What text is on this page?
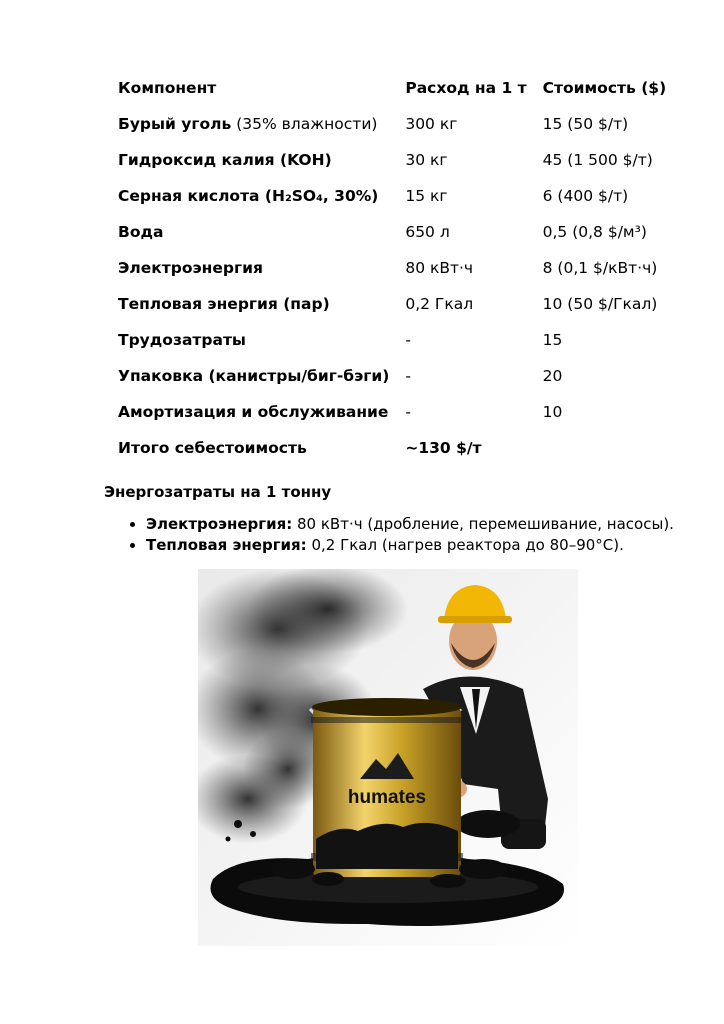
Компонент	Расход на 1 т	Стоимость ($)
Бурый уголь (35% влажности)	300 кг	15 (50 $/т)
Гидроксид калия (KOH)	30 кг	45 (1 500 $/т)
Серная кислота (H₂SO₄, 30%)	15 кг	6 (400 $/т)
Вода	650 л	0,5 (0,8 $/м³)
Электроэнергия	80 кВт·ч	8 (0,1 $/кВт·ч)
Тепловая энергия (пар)	0,2 Гкал	10 (50 $/Гкал)
Трудозатраты	-	15
Упаковка (канистры/биг-бэги)	-	20
Амортизация и обслуживание	-	10
Итого себестоимость	~130 $/т	
Энергозатраты на 1 тонну
• Электроэнергия: 80 кВт·ч (дробление, перемешивание, насосы).
• Тепловая энергия: 0,2 Гкал (нагрев реактора до 80–90°C).
humates
